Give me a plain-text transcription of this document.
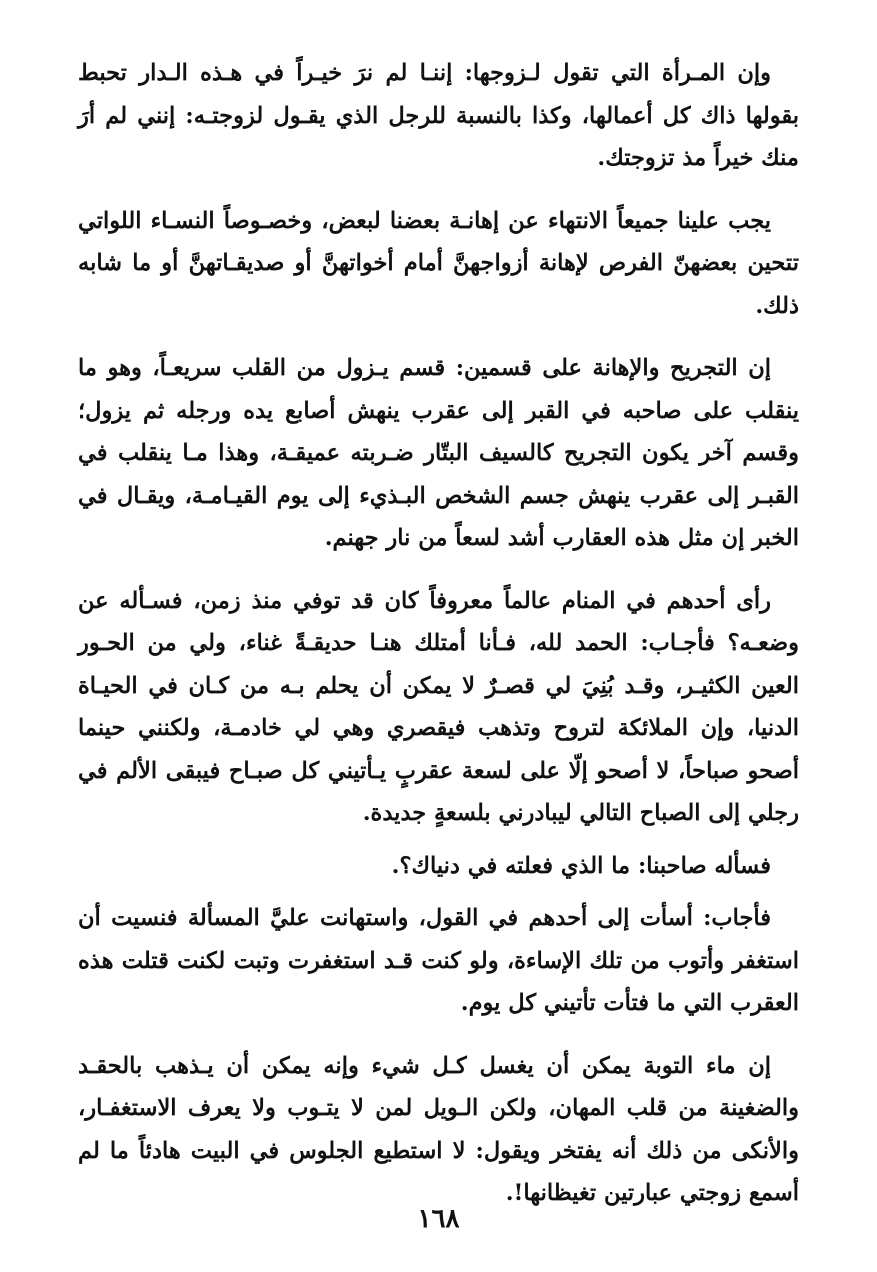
وإن المـرأة التي تقول لـزوجها: إننـا لم نرَ خيـراً في هـذه الـدار تحبط بقولها ذاك كل أعمالها، وكذا بالنسبة للرجل الذي يقـول لزوجتـه: إنني لم أرَ منك خيراً مذ تزوجتك.

يجب علينا جميعاً الانتهاء عن إهانـة بعضنا لبعض، وخصـوصاً النسـاء اللواتي تتحين بعضهنّ الفرص لإهانة أزواجهنَّ أمام أخواتهنَّ أو صديقـاتهنَّ أو ما شابه ذلك.

إن التجريح والإهانة على قسمين: قسم يـزول من القلب سريعـاً، وهو ما ينقلب على صاحبه في القبر إلى عقرب ينهش أصابع يده ورجله ثم يزول؛ وقسم آخر يكون التجريح كالسيف البتّار ضـربته عميقـة، وهذا مـا ينقلب في القبـر إلى عقرب ينهش جسم الشخص البـذيء إلى يوم القيـامـة، ويقـال في الخبر إن مثل هذه العقارب أشد لسعاً من نار جهنم.

رأى أحدهم في المنام عالماً معروفاً كان قد توفي منذ زمن، فسـأله عن وضعـه؟ فأجـاب: الحمد لله، فـأنا أمتلك هنـا حديقـةً غناء، ولي من الحـور العين الكثيـر، وقـد بُنِيَ لي قصـرٌ لا يمكن أن يحلم بـه من كـان في الحيـاة الدنيا، وإن الملائكة لتروح وتذهب فيقصري وهي لي خادمـة، ولكنني حينما أصحو صباحاً، لا أصحو إلّا على لسعة عقربٍ يـأتيني كل صبـاح فيبقى الألم في رجلي إلى الصباح التالي ليبادرني بلسعةٍ جديدة.

فسأله صاحبنا: ما الذي فعلته في دنياك؟.

فأجاب: أسأت إلى أحدهم في القول، واستهانت عليَّ المسألة فنسيت أن استغفر وأتوب من تلك الإساءة، ولو كنت قـد استغفرت وتبت لكنت قتلت هذه العقرب التي ما فتأت تأتيني كل يوم.

إن ماء التوبة يمكن أن يغسل كـل شيء وإنه يمكن أن يـذهب بالحقـد والضغينة من قلب المهان، ولكن الـويل لمن لا يتـوب ولا يعرف الاستغفـار، والأنكى من ذلك أنه يفتخر ويقول: لا استطيع الجلوس في البيت هادئاً ما لم أسمع زوجتي عبارتين تغيظانها!.

١٦٨
